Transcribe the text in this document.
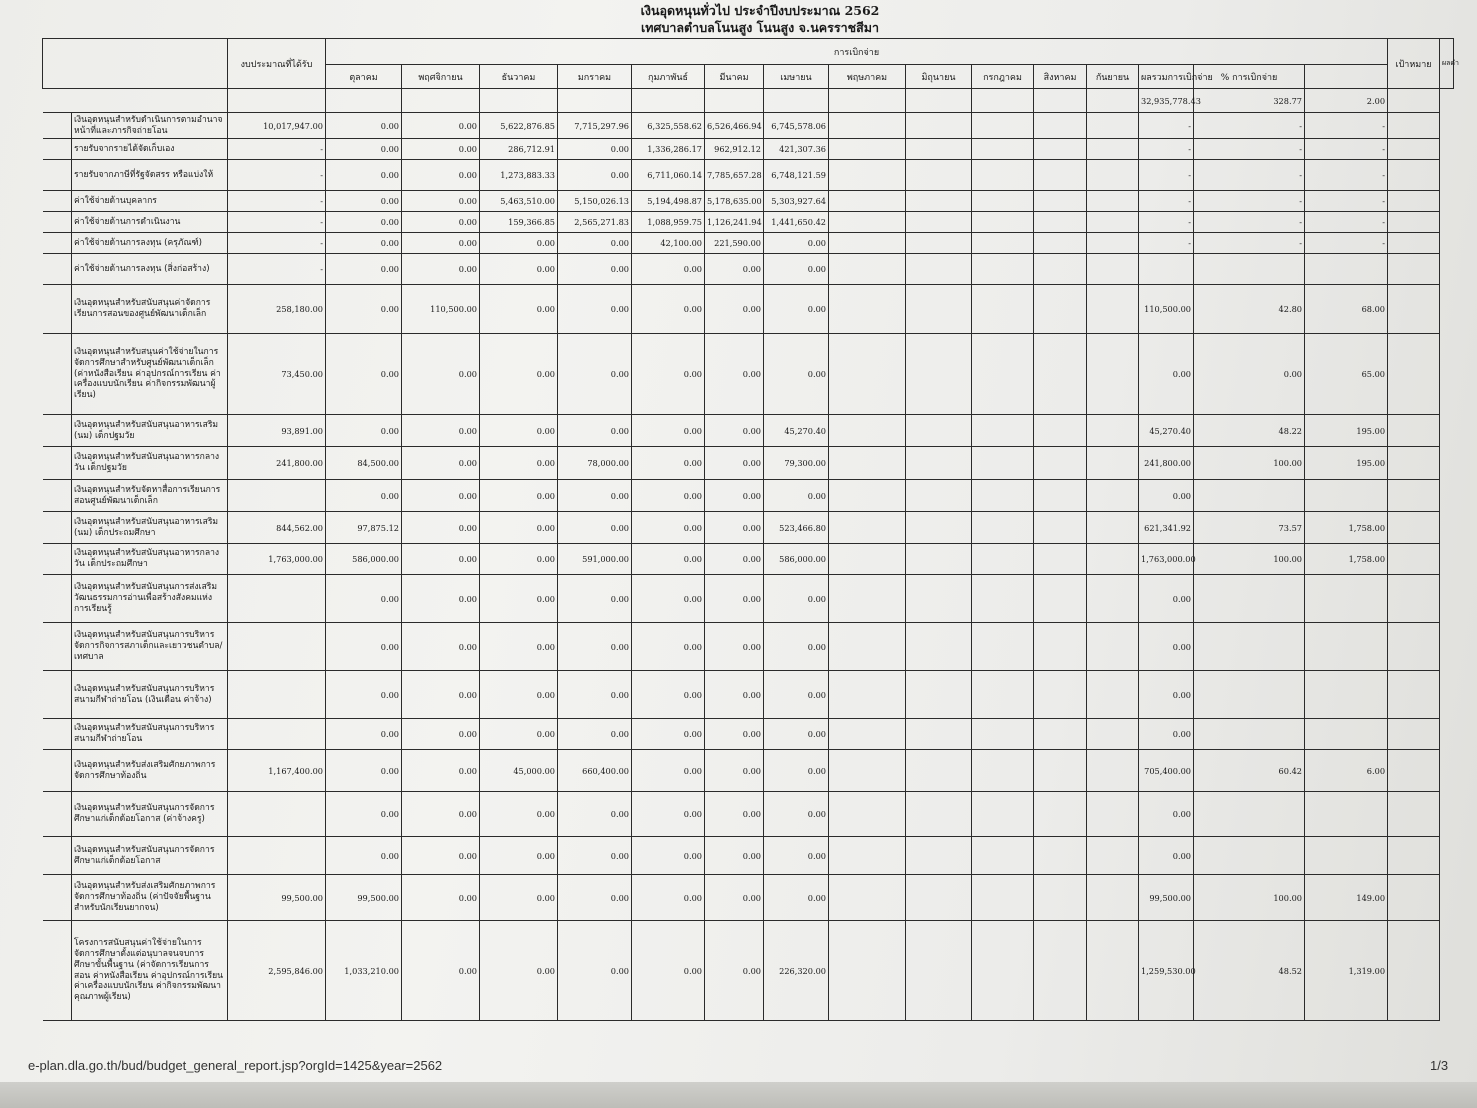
เงินอุดหนุนทั่วไป ประจำปีงบประมาณ 2562
เทศบาลตำบลโนนสูง โนนสูง จ.นครราชสีมา
		งบประมาณที่ได้รับ	การเบิกจ่าย															เป้าหมาย	ผลดำ
			ตุลาคม	พฤศจิกายน	ธันวาคม	มกราคม	กุมภาพันธ์	มีนาคม	เมษายน	พฤษภาคม	มิถุนายน	กรกฎาคม	สิงหาคม	กันยายน	ผลรวมการเบิกจ่าย	% การเบิกจ่าย			
															32,935,778.43	328.77	2.00		
	เงินอุดหนุนสำหรับดำเนินการตามอำนาจหน้าที่และภารกิจถ่ายโอน	10,017,947.00	0.00	0.00	5,622,876.85	7,715,297.96	6,325,558.62	6,526,466.94	6,745,578.06						-	-	-		
	รายรับจากรายได้จัดเก็บเอง	-	0.00	0.00	286,712.91	0.00	1,336,286.17	962,912.12	421,307.36						-	-	-		
	รายรับจากภาษีที่รัฐจัดสรร หรือแบ่งให้	-	0.00	0.00	1,273,883.33	0.00	6,711,060.14	7,785,657.28	6,748,121.59						-	-	-		
	ค่าใช้จ่ายด้านบุคลากร	-	0.00	0.00	5,463,510.00	5,150,026.13	5,194,498.87	5,178,635.00	5,303,927.64						-	-	-		
	ค่าใช้จ่ายด้านการดำเนินงาน	-	0.00	0.00	159,366.85	2,565,271.83	1,088,959.75	1,126,241.94	1,441,650.42						-	-	-		
	ค่าใช้จ่ายด้านการลงทุน (ครุภัณฑ์)	-	0.00	0.00	0.00	0.00	42,100.00	221,590.00	0.00						-	-	-		
	ค่าใช้จ่ายด้านการลงทุน (สิ่งก่อสร้าง)	-	0.00	0.00	0.00	0.00	0.00	0.00	0.00										
	เงินอุดหนุนสำหรับสนับสนุนค่าจัดการเรียนการสอนของศูนย์พัฒนาเด็กเล็ก	258,180.00	0.00	110,500.00	0.00	0.00	0.00	0.00	0.00						110,500.00	42.80	68.00		
	เงินอุดหนุนสำหรับสนุนค่าใช้จ่ายในการจัดการศึกษาสำหรับศูนย์พัฒนาเด็กเล็ก (ค่าหนังสือเรียน ค่าอุปกรณ์การเรียน ค่าเครื่องแบบนักเรียน ค่ากิจกรรมพัฒนาผู้เรียน)	73,450.00	0.00	0.00	0.00	0.00	0.00	0.00	0.00						0.00	0.00	65.00		
	เงินอุดหนุนสำหรับสนับสนุนอาหารเสริม (นม) เด็กปฐมวัย	93,891.00	0.00	0.00	0.00	0.00	0.00	0.00	45,270.40						45,270.40	48.22	195.00		
	เงินอุดหนุนสำหรับสนับสนุนอาหารกลางวัน เด็กปฐมวัย	241,800.00	84,500.00	0.00	0.00	78,000.00	0.00	0.00	79,300.00						241,800.00	100.00	195.00		
	เงินอุดหนุนสำหรับจัดหาสื่อการเรียนการสอนศูนย์พัฒนาเด็กเล็ก		0.00	0.00	0.00	0.00	0.00	0.00	0.00						0.00				
	เงินอุดหนุนสำหรับสนับสนุนอาหารเสริม (นม) เด็กประถมศึกษา	844,562.00	97,875.12	0.00	0.00	0.00	0.00	0.00	523,466.80						621,341.92	73.57	1,758.00		
	เงินอุดหนุนสำหรับสนับสนุนอาหารกลางวัน เด็กประถมศึกษา	1,763,000.00	586,000.00	0.00	0.00	591,000.00	0.00	0.00	586,000.00						1,763,000.00	100.00	1,758.00		
	เงินอุดหนุนสำหรับสนับสนุนการส่งเสริมวัฒนธรรมการอ่านเพื่อสร้างสังคมแห่งการเรียนรู้		0.00	0.00	0.00	0.00	0.00	0.00	0.00						0.00				
	เงินอุดหนุนสำหรับสนับสนุนการบริหารจัดการกิจการสภาเด็กและเยาวชนตำบล/เทศบาล		0.00	0.00	0.00	0.00	0.00	0.00	0.00						0.00				
	เงินอุดหนุนสำหรับสนับสนุนการบริหารสนามกีฬาถ่ายโอน (เงินเดือน ค่าจ้าง)		0.00	0.00	0.00	0.00	0.00	0.00	0.00						0.00				
	เงินอุดหนุนสำหรับสนับสนุนการบริหารสนามกีฬาถ่ายโอน		0.00	0.00	0.00	0.00	0.00	0.00	0.00						0.00				
	เงินอุดหนุนสำหรับส่งเสริมศักยภาพการจัดการศึกษาท้องถิ่น	1,167,400.00	0.00	0.00	45,000.00	660,400.00	0.00	0.00	0.00						705,400.00	60.42	6.00		
	เงินอุดหนุนสำหรับสนับสนุนการจัดการศึกษาแก่เด็กด้อยโอกาส (ค่าจ้างครู)		0.00	0.00	0.00	0.00	0.00	0.00	0.00						0.00				
	เงินอุดหนุนสำหรับสนับสนุนการจัดการศึกษาแก่เด็กด้อยโอกาส		0.00	0.00	0.00	0.00	0.00	0.00	0.00						0.00				
	เงินอุดหนุนสำหรับส่งเสริมศักยภาพการจัดการศึกษาท้องถิ่น (ค่าปัจจัยพื้นฐานสำหรับนักเรียนยากจน)	99,500.00	99,500.00	0.00	0.00	0.00	0.00	0.00	0.00						99,500.00	100.00	149.00		
	โครงการสนับสนุนค่าใช้จ่ายในการจัดการศึกษาตั้งแต่อนุบาลจนจบการศึกษาขั้นพื้นฐาน (ค่าจัดการเรียนการสอน ค่าหนังสือเรียน ค่าอุปกรณ์การเรียน ค่าเครื่องแบบนักเรียน ค่ากิจกรรมพัฒนาคุณภาพผู้เรียน)	2,595,846.00	1,033,210.00	0.00	0.00	0.00	0.00	0.00	226,320.00						1,259,530.00	48.52	1,319.00		
e-plan.dla.go.th/bud/budget_general_report.jsp?orgId=1425&year=2562	1/3
